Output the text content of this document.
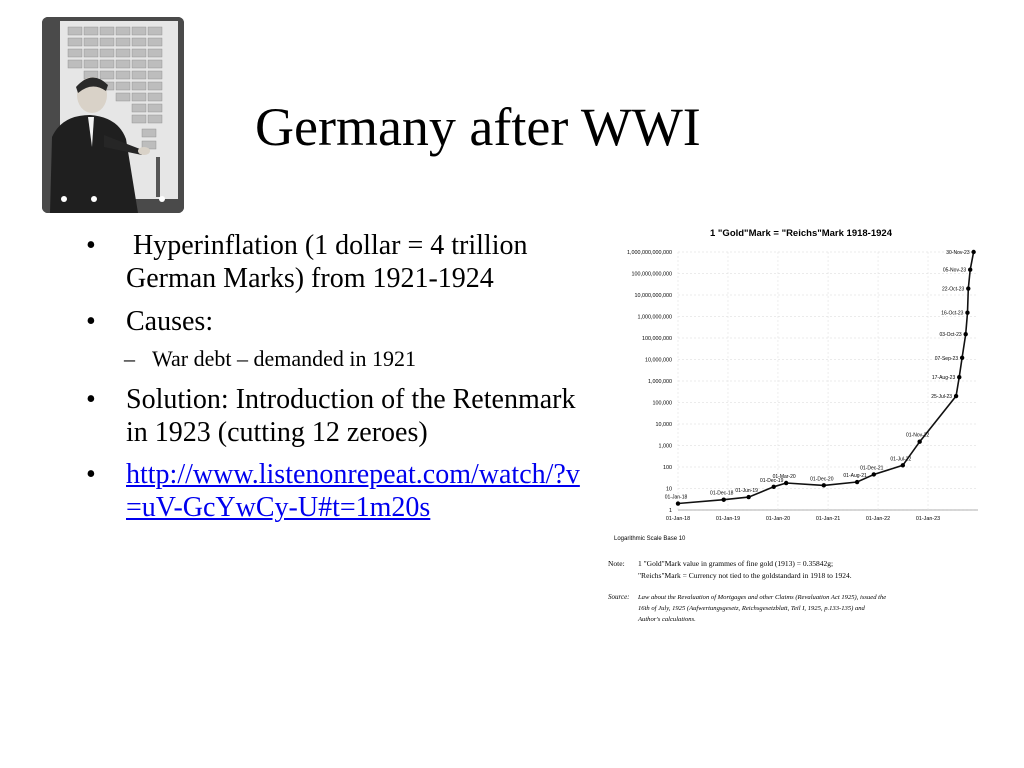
Germany after WWI
• Hyperinflation (1 dollar = 4 trillion German Marks) from 1921-1924
• Causes:
– War debt – demanded in 1921
• Solution: Introduction of the Retenmark in 1923 (cutting 12 zeroes)
• http://www.listenonrepeat.com/watch/?v=uV-GcYwCy-U#t=1m20s
1 "Gold"Mark = "Reichs"Mark 1918-1924
1
10
100
1,000
10,000
100,000
1,000,000
10,000,000
100,000,000
1,000,000,000
10,000,000,000
100,000,000,000
1,000,000,000,000
01-Jan-18	01-Jan-19	01-Jan-20	01-Jan-21	01-Jan-22	01-Jan-23
01-Jan-18
01-Dec-18 01-Jun-19
01-Dec-19
01-Mar-20	01-Dec-20
01-Aug-21
01-Dec-21
01-Jul-22
01-Nov-22
25-Jul-23
17-Aug-23
07-Sep-23
03-Oct-23
16-Oct-23
22-Oct-23
05-Nov-23
30-Nov-23
Logarithmic Scale Base 10
Note: 1 "Gold"Mark value in grammes of fine gold (1913) = 0.35842g;
"Reichs"Mark = Currency not tied to the goldstandard in 1918 to 1924.
Source: Law about the Revaluation of Mortgages and other Claims (Revaluation Act 1925), issued the
16th of July, 1925 (Aufwertungsgesetz, Reichsgesetzblatt, Teil I, 1925, p.133-135) and
Author's calculations.
